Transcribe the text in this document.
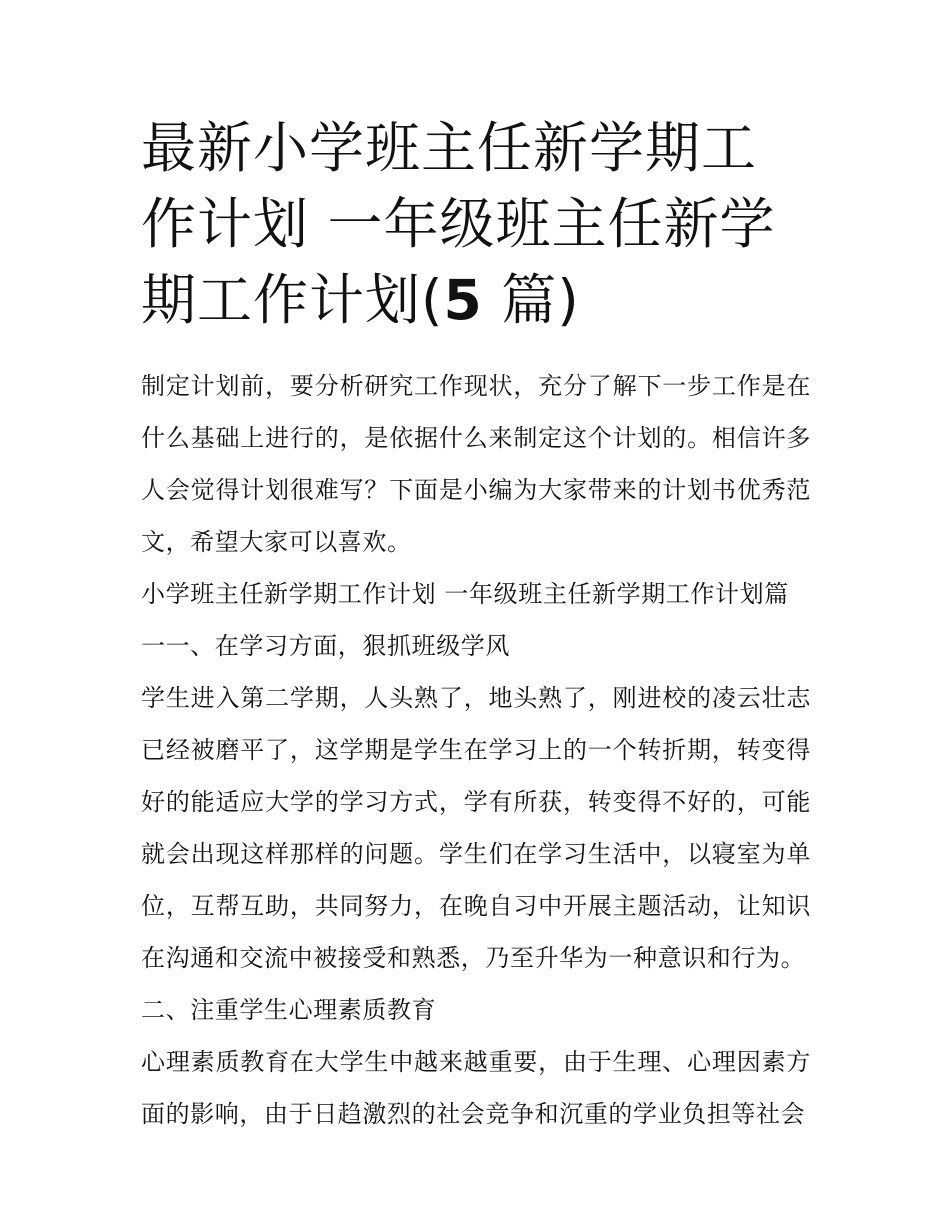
最新小学班主任新学期工作计划 一年级班主任新学期工作计划(5 篇)

制定计划前，要分析研究工作现状，充分了解下一步工作是在什么基础上进行的，是依据什么来制定这个计划的。相信许多人会觉得计划很难写？下面是小编为大家带来的计划书优秀范文，希望大家可以喜欢。

小学班主任新学期工作计划 一年级班主任新学期工作计划篇

一一、在学习方面，狠抓班级学风

学生进入第二学期，人头熟了，地头熟了，刚进校的凌云壮志已经被磨平了，这学期是学生在学习上的一个转折期，转变得好的能适应大学的学习方式，学有所获，转变得不好的，可能就会出现这样那样的问题。学生们在学习生活中，以寝室为单位，互帮互助，共同努力，在晚自习中开展主题活动，让知识在沟通和交流中被接受和熟悉，乃至升华为一种意识和行为。

二、注重学生心理素质教育

心理素质教育在大学生中越来越重要，由于生理、心理因素方面的影响，由于日趋激烈的社会竞争和沉重的学业负担等社会
